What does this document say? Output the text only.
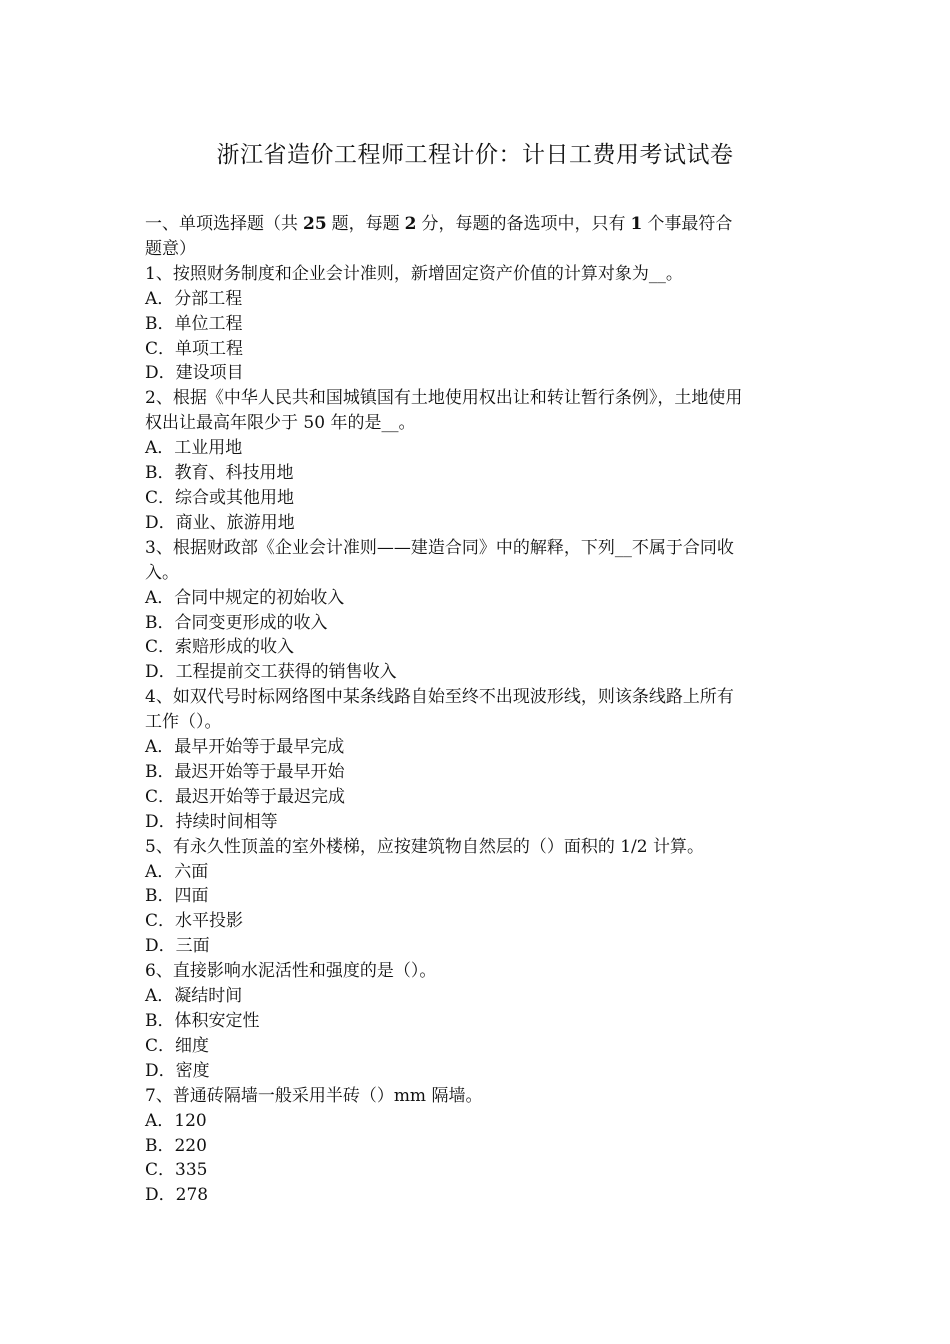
浙江省造价工程师工程计价：计日工费用考试试卷
一、单项选择题（共 25 题，每题 2 分，每题的备选项中，只有 1 个事最符合
题意）
1、按照财务制度和企业会计准则，新增固定资产价值的计算对象为__。
A．分部工程
B．单位工程
C．单项工程
D．建设项目
2、根据《中华人民共和国城镇国有土地使用权出让和转让暂行条例》，土地使用
权出让最高年限少于 50 年的是__。
A．工业用地
B．教育、科技用地
C．综合或其他用地
D．商业、旅游用地
3、根据财政部《企业会计准则——建造合同》中的解释，下列__不属于合同收
入。
A．合同中规定的初始收入
B．合同变更形成的收入
C．索赔形成的收入
D．工程提前交工获得的销售收入
4、如双代号时标网络图中某条线路自始至终不出现波形线，则该条线路上所有
工作（）。
A．最早开始等于最早完成
B．最迟开始等于最早开始
C．最迟开始等于最迟完成
D．持续时间相等
5、有永久性顶盖的室外楼梯，应按建筑物自然层的（）面积的 1/2 计算。
A．六面
B．四面
C．水平投影
D．三面
6、直接影响水泥活性和强度的是（）。
A．凝结时间
B．体积安定性
C．细度
D．密度
7、普通砖隔墙一般采用半砖（）mm 隔墙。
A．120
B．220
C．335
D．278
